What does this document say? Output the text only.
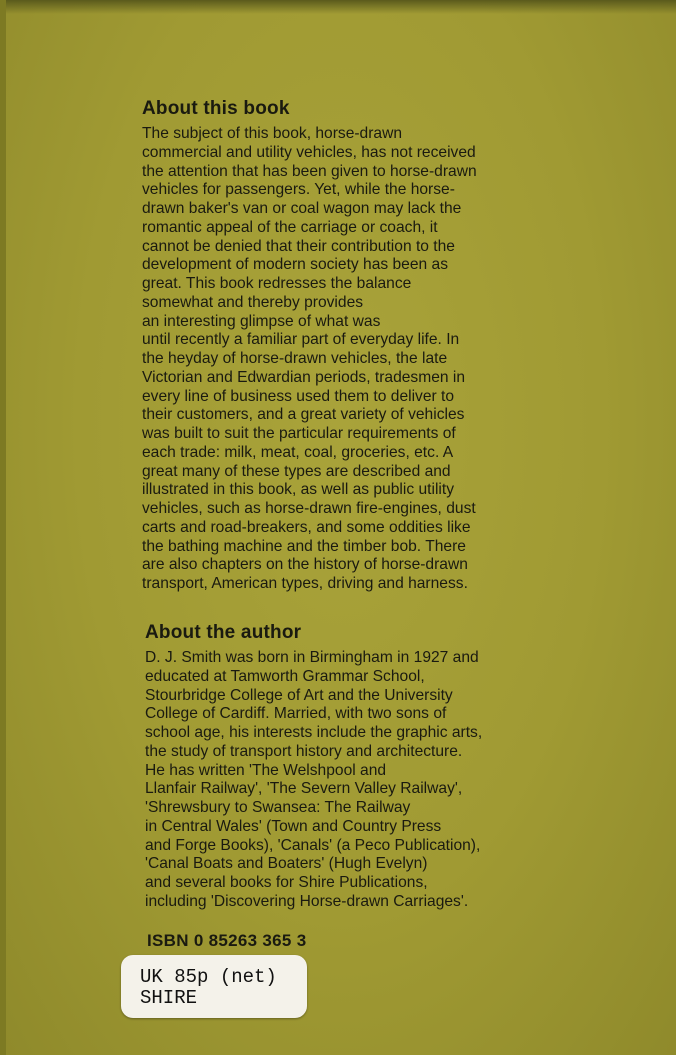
About this book
The subject of this book, horse-drawn
commercial and utility vehicles, has not received
the attention that has been given to horse-drawn
vehicles for passengers. Yet, while the horse-
drawn baker's van or coal wagon may lack the
romantic appeal of the carriage or coach, it
cannot be denied that their contribution to the
development of modern society has been as
great. This book redresses the balance
somewhat and thereby provides
an interesting glimpse of what was
until recently a familiar part of everyday life. In
the heyday of horse-drawn vehicles, the late
Victorian and Edwardian periods, tradesmen in
every line of business used them to deliver to
their customers, and a great variety of vehicles
was built to suit the particular requirements of
each trade: milk, meat, coal, groceries, etc. A
great many of these types are described and
illustrated in this book, as well as public utility
vehicles, such as horse-drawn fire-engines, dust
carts and road-breakers, and some oddities like
the bathing machine and the timber bob. There
are also chapters on the history of horse-drawn
transport, American types, driving and harness.
About the author
D. J. Smith was born in Birmingham in 1927 and
educated at Tamworth Grammar School,
Stourbridge College of Art and the University
College of Cardiff. Married, with two sons of
school age, his interests include the graphic arts,
the study of transport history and architecture.
He has written 'The Welshpool and
Llanfair Railway', 'The Severn Valley Railway',
'Shrewsbury to Swansea: The Railway
in Central Wales' (Town and Country Press
and Forge Books), 'Canals' (a Peco Publication),
'Canal Boats and Boaters' (Hugh Evelyn)
and several books for Shire Publications,
including 'Discovering Horse-drawn Carriages'.
ISBN 0 85263 365 3
UK 85p (net)
SHIRE
